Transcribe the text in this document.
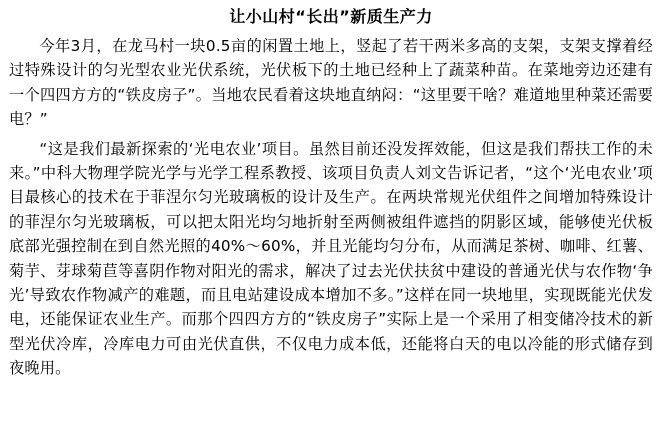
让小山村“长出”新质生产力

今年3月，在龙马村一块0.5亩的闲置土地上，竖起了若干两米多高的支架，支架支撑着经过特殊设计的匀光型农业光伏系统，光伏板下的土地已经种上了蔬菜种苗。在菜地旁边还建有一个四四方方的“铁皮房子”。当地农民看着这块地直纳闷：“这里要干啥？难道地里种菜还需要电？”

“这是我们最新探索的‘光电农业’项目。虽然目前还没发挥效能，但这是我们帮扶工作的未来。”中科大物理学院光学与光学工程系教授、该项目负责人刘文告诉记者，“这个‘光电农业’项目最核心的技术在于菲涅尔匀光玻璃板的设计及生产。在两块常规光伏组件之间增加特殊设计的菲涅尔匀光玻璃板，可以把太阳光均匀地折射至两侧被组件遮挡的阴影区域，能够使光伏板底部光强控制在到自然光照的40%～60%，并且光能均匀分布，从而满足茶树、咖啡、红薯、菊芋、芽球菊苣等喜阴作物对阳光的需求，解决了过去光伏扶贫中建设的普通光伏与农作物‘争光’导致农作物减产的难题，而且电站建设成本增加不多。”这样在同一块地里，实现既能光伏发电，还能保证农业生产。而那个四四方方的“铁皮房子”实际上是一个采用了相变储冷技术的新型光伏冷库，冷库电力可由光伏直供，不仅电力成本低，还能将白天的电以冷能的形式储存到夜晚用。
